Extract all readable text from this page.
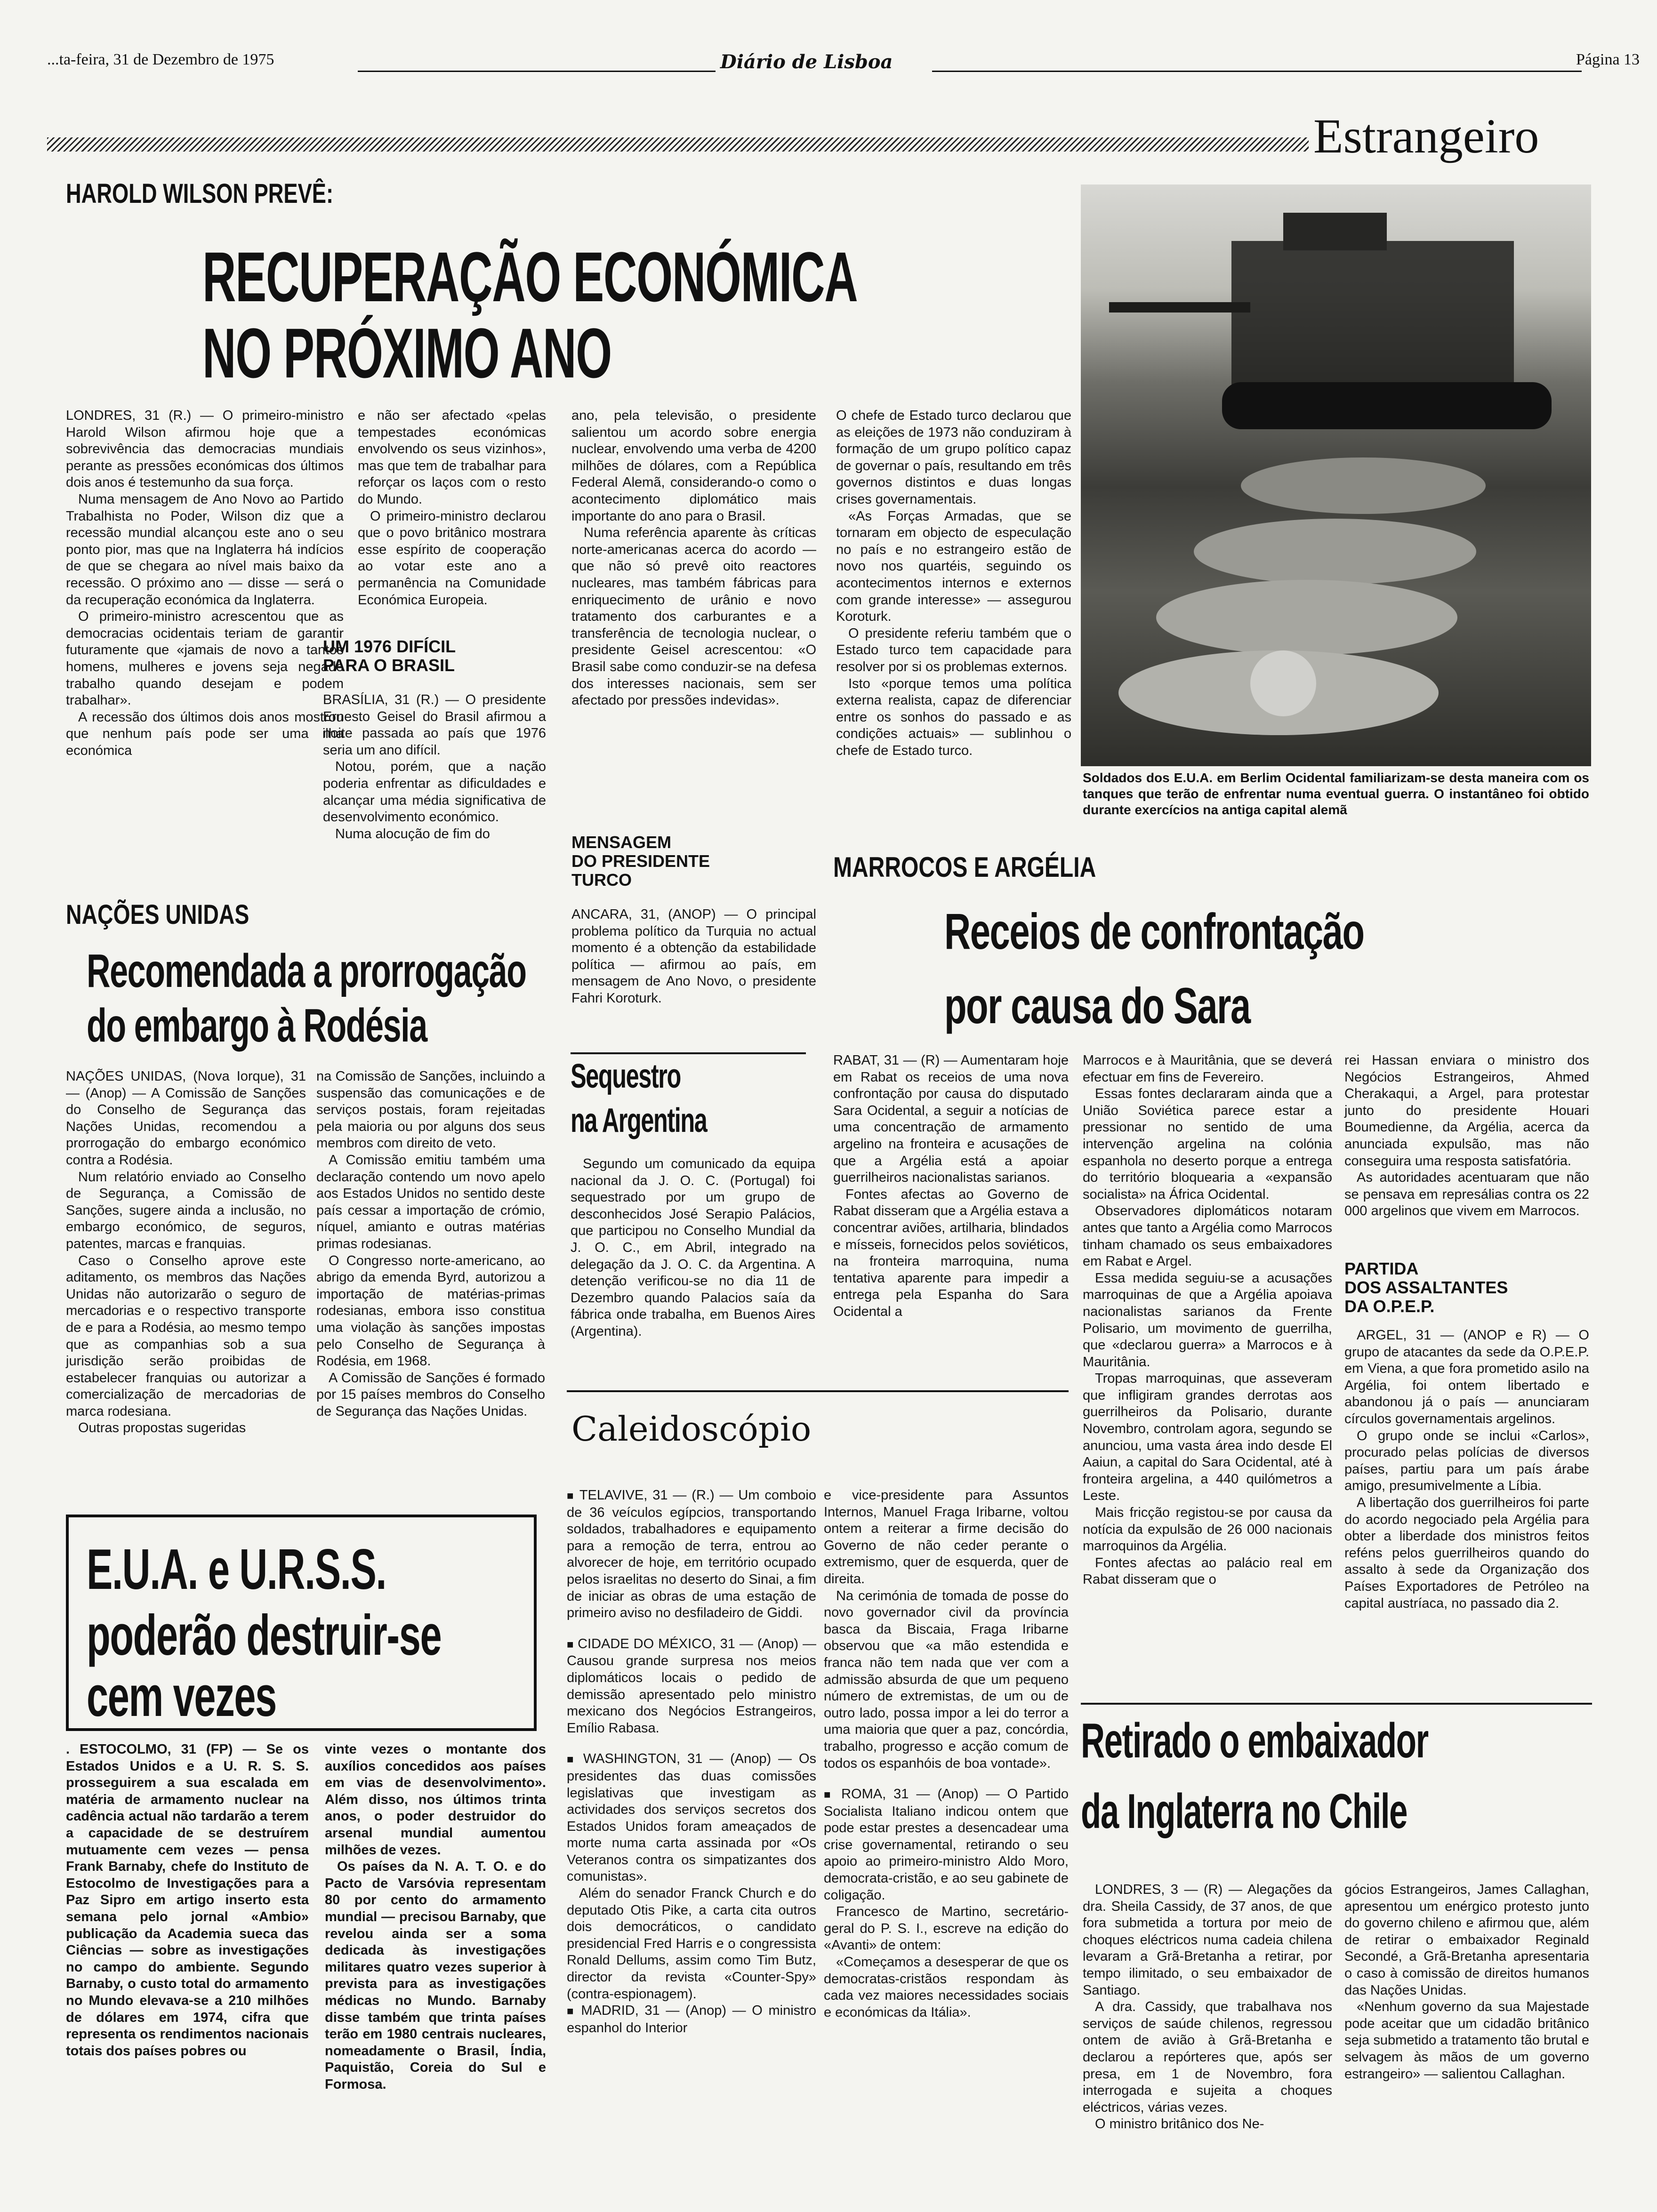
...ta-feira, 31 de Dezembro de 1975	Diário de Lisboa	Página 13
Estrangeiro
HAROLD WILSON PREVÊ:
RECUPERAÇÃO ECONÓMICA
NO PRÓXIMO ANO

LONDRES, 31 (R.) — O primeiro-ministro Harold Wilson afirmou hoje que a sobrevivência das democracias mundiais perante as pressões económicas dos últimos dois anos é testemunho da sua força.

Numa mensagem de Ano Novo ao Partido Trabalhista no Poder, Wilson diz que a recessão mundial alcançou este ano o seu ponto pior, mas que na Inglaterra há indícios de que se chegara ao nível mais baixo da recessão. O próximo ano — disse — será o da recuperação económica da Inglaterra.

O primeiro-ministro acrescentou que as democracias ocidentais teriam de garantir futuramente que «jamais de novo a tantos homens, mulheres e jovens seja negado trabalho quando desejam e podem trabalhar».

A recessão dos últimos dois anos mostrou que nenhum país pode ser uma ilha económica

e não ser afectado «pelas tempestades económicas envolvendo os seus vizinhos», mas que tem de trabalhar para reforçar os laços com o resto do Mundo.

O primeiro-ministro declarou que o povo britânico mostrara esse espírito de cooperação ao votar este ano a permanência na Comunidade Económica Europeia.

UM 1976 DIFÍCIL
PARA O BRASIL

BRASÍLIA, 31 (R.) — O presidente Ernesto Geisel do Brasil afirmou a noite passada ao país que 1976 seria um ano difícil.

Notou, porém, que a nação poderia enfrentar as dificuldades e alcançar uma média significativa de desenvolvimento económico.

Numa alocução de fim do

ano, pela televisão, o presidente salientou um acordo sobre energia nuclear, envolvendo uma verba de 4200 milhões de dólares, com a República Federal Alemã, considerando-o como o acontecimento diplomático mais importante do ano para o Brasil.

Numa referência aparente às críticas norte-americanas acerca do acordo — que não só prevê oito reactores nucleares, mas também fábricas para enriquecimento de urânio e novo tratamento dos carburantes e a transferência de tecnologia nuclear, o presidente Geisel acrescentou: «O Brasil sabe como conduzir-se na defesa dos interesses nacionais, sem ser afectado por pressões indevidas».

MENSAGEM
DO PRESIDENTE
TURCO

ANCARA, 31, (ANOP) — O principal problema político da Turquia no actual momento é a obtenção da estabilidade política — afirmou ao país, em mensagem de Ano Novo, o presidente Fahri Koroturk.

O chefe de Estado turco declarou que as eleições de 1973 não conduziram à formação de um grupo político capaz de governar o país, resultando em três governos distintos e duas longas crises governamentais.

«As Forças Armadas, que se tornaram em objecto de especulação no país e no estrangeiro estão de novo nos quartéis, seguindo os acontecimentos internos e externos com grande interesse» — assegurou Koroturk.

O presidente referiu também que o Estado turco tem capacidade para resolver por si os problemas externos.

Isto «porque temos uma política externa realista, capaz de diferenciar entre os sonhos do passado e as condições actuais» — sublinhou o chefe de Estado turco.

Soldados dos E.U.A. em Berlim Ocidental familiarizam-se desta maneira com os tanques que terão de enfrentar numa eventual guerra. O instantâneo foi obtido durante exercícios na antiga capital alemã
NAÇÕES UNIDAS
Recomendada a prorrogação
do embargo à Rodésia

NAÇÕES UNIDAS, (Nova Iorque), 31 — (Anop) — A Comissão de Sanções do Conselho de Segurança das Nações Unidas, recomendou a prorrogação do embargo económico contra a Rodésia.

Num relatório enviado ao Conselho de Segurança, a Comissão de Sanções, sugere ainda a inclusão, no embargo económico, de seguros, patentes, marcas e franquias.

Caso o Conselho aprove este aditamento, os membros das Nações Unidas não autorizarão o seguro de mercadorias e o respectivo transporte de e para a Rodésia, ao mesmo tempo que as companhias sob a sua jurisdição serão proibidas de estabelecer franquias ou autorizar a comercialização de mercadorias de marca rodesiana.

Outras propostas sugeridas

na Comissão de Sanções, incluindo a suspensão das comunicações e de serviços postais, foram rejeitadas pela maioria ou por alguns dos seus membros com direito de veto.

A Comissão emitiu também uma declaração contendo um novo apelo aos Estados Unidos no sentido deste país cessar a importação de crómio, níquel, amianto e outras matérias primas rodesianas.

O Congresso norte-americano, ao abrigo da emenda Byrd, autorizou a importação de matérias-primas rodesianas, embora isso constitua uma violação às sanções impostas pelo Conselho de Segurança à Rodésia, em 1968.

A Comissão de Sanções é formado por 15 países membros do Conselho de Segurança das Nações Unidas.

Sequestro
na Argentina

Segundo um comunicado da equipa nacional da J. O. C. (Portugal) foi sequestrado por um grupo de desconhecidos José Serapio Palácios, que participou no Conselho Mundial da J. O. C., em Abril, integrado na delegação da J. O. C. da Argentina. A detenção verificou-se no dia 11 de Dezembro quando Palacios saía da fábrica onde trabalha, em Buenos Aires (Argentina).

MARROCOS E ARGÉLIA
Receios de confrontação
por causa do Sara

RABAT, 31 — (R) — Aumentaram hoje em Rabat os receios de uma nova confrontação por causa do disputado Sara Ocidental, a seguir a notícias de uma concentração de armamento argelino na fronteira e acusações de que a Argélia está a apoiar guerrilheiros nacionalistas sarianos.

Fontes afectas ao Governo de Rabat disseram que a Argélia estava a concentrar aviões, artilharia, blindados e mísseis, fornecidos pelos soviéticos, na fronteira marroquina, numa tentativa aparente para impedir a entrega pela Espanha do Sara Ocidental a

Marrocos e à Mauritânia, que se deverá efectuar em fins de Fevereiro.

Essas fontes declararam ainda que a União Soviética parece estar a pressionar no sentido de uma intervenção argelina na colónia espanhola no deserto porque a entrega do território bloquearia a «expansão socialista» na África Ocidental.

Observadores diplomáticos notaram antes que tanto a Argélia como Marrocos tinham chamado os seus embaixadores em Rabat e Argel.

Essa medida seguiu-se a acusações marroquinas de que a Argélia apoiava nacionalistas sarianos da Frente Polisario, um movimento de guerrilha, que «declarou guerra» a Marrocos e à Mauritânia.

Tropas marroquinas, que asseveram que infligiram grandes derrotas aos guerrilheiros da Polisario, durante Novembro, controlam agora, segundo se anunciou, uma vasta área indo desde El Aaiun, a capital do Sara Ocidental, até à fronteira argelina, a 440 quilómetros a Leste.

Mais fricção registou-se por causa da notícia da expulsão de 26 000 nacionais marroquinos da Argélia.

Fontes afectas ao palácio real em Rabat disseram que o

rei Hassan enviara o ministro dos Negócios Estrangeiros, Ahmed Cherakaqui, a Argel, para protestar junto do presidente Houari Boumedienne, da Argélia, acerca da anunciada expulsão, mas não conseguira uma resposta satisfatória.

As autoridades acentuaram que não se pensava em represálias contra os 22 000 argelinos que vivem em Marrocos.

PARTIDA
DOS ASSALTANTES
DA O.P.E.P.

ARGEL, 31 — (ANOP e R) — O grupo de atacantes da sede da O.P.E.P. em Viena, a que fora prometido asilo na Argélia, foi ontem libertado e abandonou já o país — anunciaram círculos governamentais argelinos.

O grupo onde se inclui «Carlos», procurado pelas polícias de diversos países, partiu para um país árabe amigo, presumivelmente a Líbia.

A libertação dos guerrilheiros foi parte do acordo negociado pela Argélia para obter a liberdade dos ministros feitos reféns pelos guerrilheiros quando do assalto à sede da Organização dos Países Exportadores de Petróleo na capital austríaca, no passado dia 2.

E.U.A. e U.R.S.S.
poderão destruir-se
cem vezes

. ESTOCOLMO, 31 (FP) — Se os Estados Unidos e a U. R. S. S. prosseguirem a sua escalada em matéria de armamento nuclear na cadência actual não tardarão a terem a capacidade de se destruírem mutuamente cem vezes — pensa Frank Barnaby, chefe do Instituto de Estocolmo de Investigações para a Paz Sipro em artigo inserto esta semana pelo jornal «Ambio» publicação da Academia sueca das Ciências — sobre as investigações no campo do ambiente. Segundo Barnaby, o custo total do armamento no Mundo elevava-se a 210 milhões de dólares em 1974, cifra que representa os rendimentos nacionais totais dos países pobres ou

vinte vezes o montante dos auxílios concedidos aos países em vias de desenvolvimento». Além disso, nos últimos trinta anos, o poder destruidor do arsenal mundial aumentou milhões de vezes.

Os países da N. A. T. O. e do Pacto de Varsóvia representam 80 por cento do armamento mundial — precisou Barnaby, que revelou ainda ser a soma dedicada às investigações militares quatro vezes superior à prevista para as investigações médicas no Mundo. Barnaby disse também que trinta países terão em 1980 centrais nucleares, nomeadamente o Brasil, Índia, Paquistão, Coreia do Sul e Formosa.

Caleidoscópio

■ TELAVIVE, 31 — (R.) — Um comboio de 36 veículos egípcios, transportando soldados, trabalhadores e equipamento para a remoção de terra, entrou ao alvorecer de hoje, em território ocupado pelos israelitas no deserto do Sinai, a fim de iniciar as obras de uma estação de primeiro aviso no desfiladeiro de Giddi.

■ CIDADE DO MÉXICO, 31 — (Anop) — Causou grande surpresa nos meios diplomáticos locais o pedido de demissão apresentado pelo ministro mexicano dos Negócios Estrangeiros, Emílio Rabasa.

■ WASHINGTON, 31 — (Anop) — Os presidentes das duas comissões legislativas que investigam as actividades dos serviços secretos dos Estados Unidos foram ameaçados de morte numa carta assinada por «Os Veteranos contra os simpatizantes dos comunistas».

Além do senador Franck Church e do deputado Otis Pike, a carta cita outros dois democráticos, o candidato presidencial Fred Harris e o congressista Ronald Dellums, assim como Tim Butz, director da revista «Counter-Spy» (contra-espionagem).

■ MADRID, 31 — (Anop) — O ministro espanhol do Interior

e vice-presidente para Assuntos Internos, Manuel Fraga Iribarne, voltou ontem a reiterar a firme decisão do Governo de não ceder perante o extremismo, quer de esquerda, quer de direita.

Na cerimónia de tomada de posse do novo governador civil da província basca da Biscaia, Fraga Iribarne observou que «a mão estendida e franca não tem nada que ver com a admissão absurda de que um pequeno número de extremistas, de um ou de outro lado, possa impor a lei do terror a uma maioria que quer a paz, concórdia, trabalho, progresso e acção comum de todos os espanhóis de boa vontade».

■ ROMA, 31 — (Anop) — O Partido Socialista Italiano indicou ontem que pode estar prestes a desencadear uma crise governamental, retirando o seu apoio ao primeiro-ministro Aldo Moro, democrata-cristão, e ao seu gabinete de coligação.

Francesco de Martino, secretário-geral do P. S. I., escreve na edição do «Avanti» de ontem:

«Começamos a desesperar de que os democratas-cristãos respondam às cada vez maiores necessidades sociais e económicas da Itália».

Retirado o embaixador
da Inglaterra no Chile

LONDRES, 3 — (R) — Alegações da dra. Sheila Cassidy, de 37 anos, de que fora submetida a tortura por meio de choques eléctricos numa cadeia chilena levaram a Grã-Bretanha a retirar, por tempo ilimitado, o seu embaixador de Santiago.

A dra. Cassidy, que trabalhava nos serviços de saúde chilenos, regressou ontem de avião à Grã-Bretanha e declarou a repórteres que, após ser presa, em 1 de Novembro, fora interrogada e sujeita a choques eléctricos, várias vezes.

O ministro britânico dos Ne-

gócios Estrangeiros, James Callaghan, apresentou um enérgico protesto junto do governo chileno e afirmou que, além de retirar o embaixador Reginald Secondé, a Grã-Bretanha apresentaria o caso à comissão de direitos humanos das Nações Unidas.

«Nenhum governo da sua Majestade pode aceitar que um cidadão britânico seja submetido a tratamento tão brutal e selvagem às mãos de um governo estrangeiro» — salientou Callaghan.
